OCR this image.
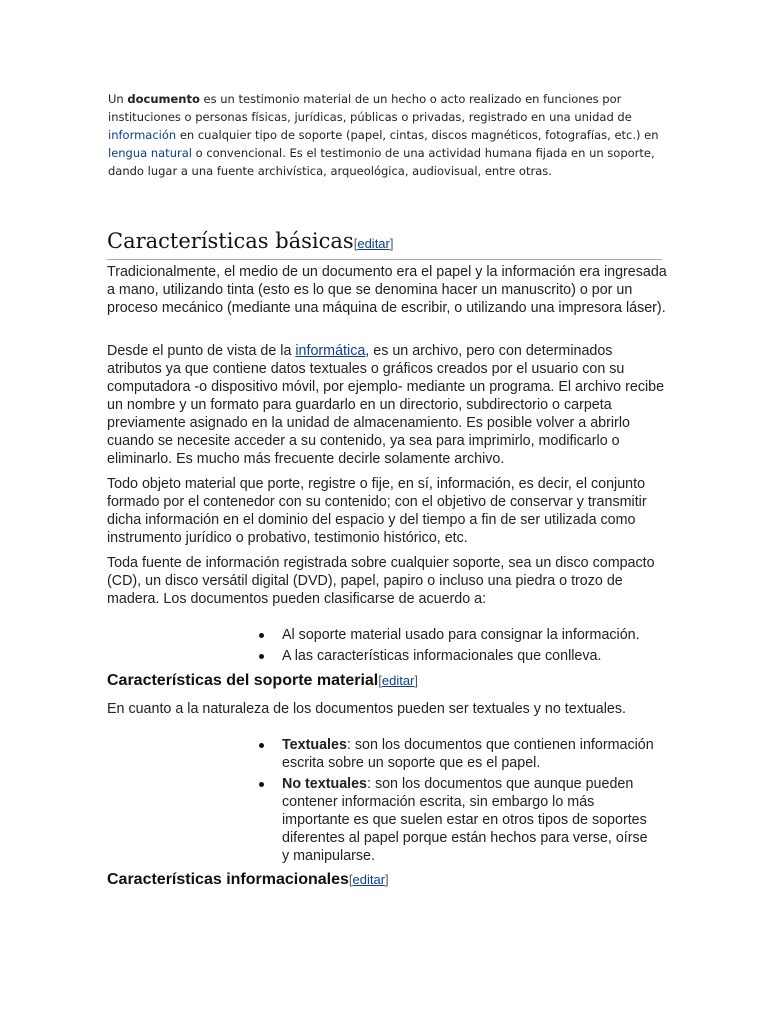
Un documento es un testimonio material de un hecho o acto realizado en funciones por instituciones o personas físicas, jurídicas, públicas o privadas, registrado en una unidad de información en cualquier tipo de soporte (papel, cintas, discos magnéticos, fotografías, etc.) en lengua natural o convencional. Es el testimonio de una actividad humana fijada en un soporte, dando lugar a una fuente archivística, arqueológica, audiovisual, entre otras.

Características básicas[editar]

Tradicionalmente, el medio de un documento era el papel y la información era ingresada a mano, utilizando tinta (esto es lo que se denomina hacer un manuscrito) o por un proceso mecánico (mediante una máquina de escribir, o utilizando una impresora láser).

Desde el punto de vista de la informática, es un archivo, pero con determinados atributos ya que contiene datos textuales o gráficos creados por el usuario con su computadora -o dispositivo móvil, por ejemplo- mediante un programa. El archivo recibe un nombre y un formato para guardarlo en un directorio, subdirectorio o carpeta previamente asignado en la unidad de almacenamiento. Es posible volver a abrirlo cuando se necesite acceder a su contenido, ya sea para imprimirlo, modificarlo o eliminarlo. Es mucho más frecuente decirle solamente archivo.

Todo objeto material que porte, registre o fije, en sí, información, es decir, el conjunto formado por el contenedor con su contenido; con el objetivo de conservar y transmitir dicha información en el dominio del espacio y del tiempo a fin de ser utilizada como instrumento jurídico o probativo, testimonio histórico, etc.

Toda fuente de información registrada sobre cualquier soporte, sea un disco compacto (CD), un disco versátil digital (DVD), papel, papiro o incluso una piedra o trozo de madera. Los documentos pueden clasificarse de acuerdo a:

Al soporte material usado para consignar la información.
A las características informacionales que conlleva.
Características del soporte material[editar]

En cuanto a la naturaleza de los documentos pueden ser textuales y no textuales.

Textuales: son los documentos que contienen información escrita sobre un soporte que es el papel.
No textuales: son los documentos que aunque pueden contener información escrita, sin embargo lo más importante es que suelen estar en otros tipos de soportes diferentes al papel porque están hechos para verse, oírse y manipularse.
Características informacionales[editar]
